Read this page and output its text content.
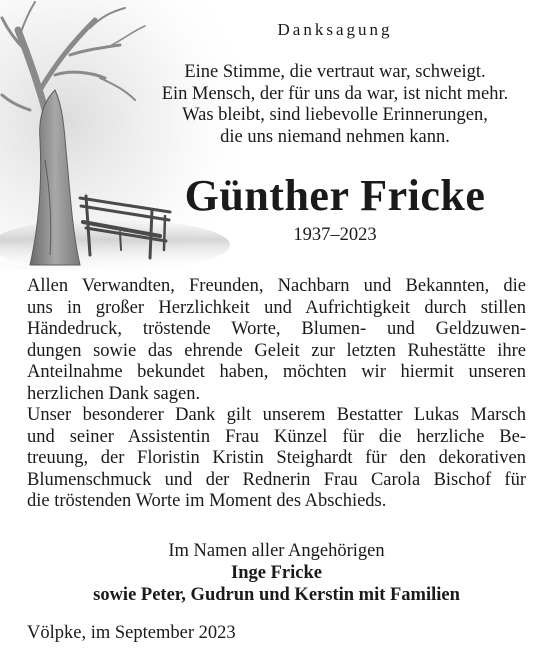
Danksagung
Eine Stimme, die vertraut war, schweigt.
Ein Mensch, der für uns da war, ist nicht mehr.
Was bleibt, sind liebevolle Erinnerungen,
die uns niemand nehmen kann.
Günther Fricke
1937–2023
Allen Verwandten, Freunden, Nachbarn und Bekannten, die
uns in großer Herzlichkeit und Aufrichtigkeit durch stillen
Händedruck, tröstende Worte, Blumen- und Geldzuwen-
dungen sowie das ehrende Geleit zur letzten Ruhestätte ihre
Anteilnahme bekundet haben, möchten wir hiermit unseren
herzlichen Dank sagen.
Unser besonderer Dank gilt unserem Bestatter Lukas Marsch
und seiner Assistentin Frau Künzel für die herzliche Be-
treuung, der Floristin Kristin Steighardt für den dekorativen
Blumenschmuck und der Rednerin Frau Carola Bischof für
die tröstenden Worte im Moment des Abschieds.
Im Namen aller Angehörigen
Inge Fricke
sowie Peter, Gudrun und Kerstin mit Familien
Völpke, im September 2023
